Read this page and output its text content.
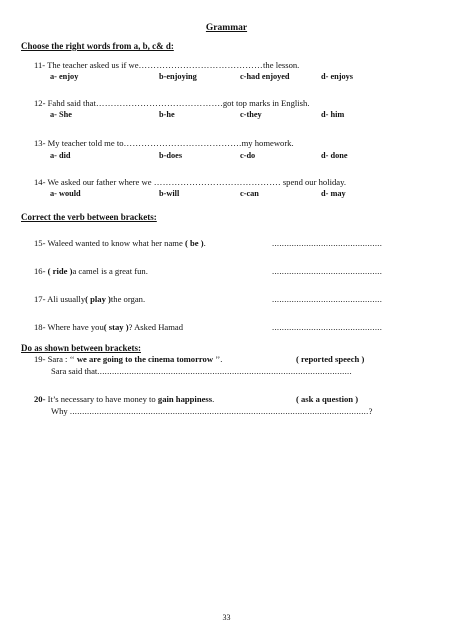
Grammar
Choose the right words from a, b, c& d:
11- The teacher asked us if we……………………………………the lesson.
a- enjoy	b-enjoying	c-had enjoyed	d- enjoys
12- Fahd said that…………………………………….got top marks in English.
a- She	b-he	c-they	d- him
13- My teacher told me to………………………………….my homework.
a- did	b-does	c-do	d- done
14- We asked our father where we ……………………………………. spend our holiday.
a- would	b-will	c-can	d- may
Correct the verb between brackets:
15- Waleed wanted to know what her name ( be ).	.............................................
16- ( ride )a camel is a great fun.	.............................................
17- Ali usually( play )the organ.	.............................................
18- Where have you( stay )? Asked Hamad	.............................................
Do as shown between brackets:
19- Sara : ‘‘ we are going to the cinema tomorrow ’’.	( reported speech )
Sara said that........................................................................................................
20- It’s necessary to have money to gain happiness.	( ask a question )
Why ..........................................................................................................................?
33
